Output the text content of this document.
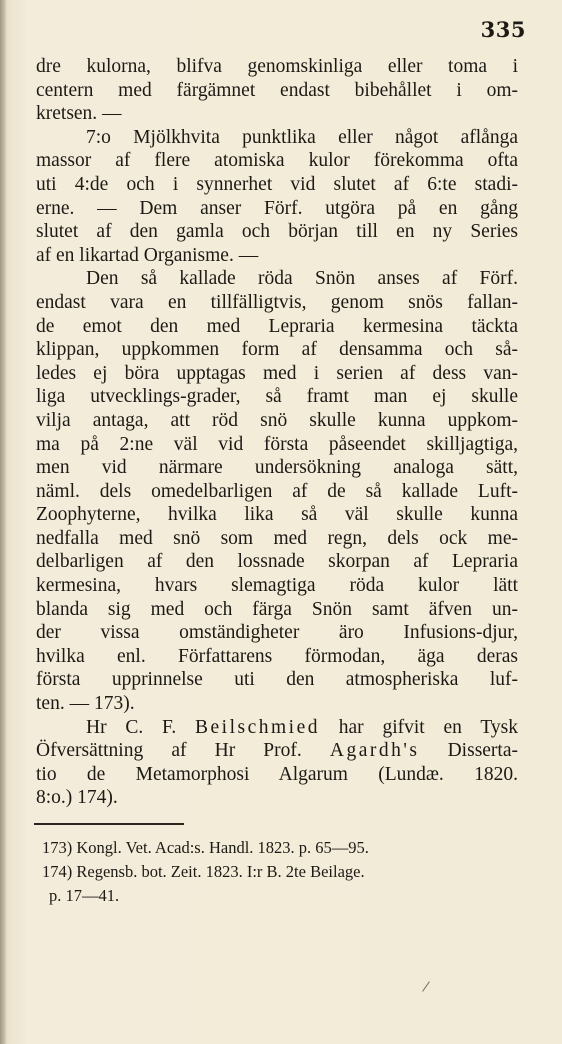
335
dre kulorna, blifva genomskinliga eller toma i
centern med färgämnet endast bibehållet i om-
kretsen. —
7:o Mjölkhvita punktlika eller något aflånga
massor af flere atomiska kulor förekomma ofta
uti 4:de och i synnerhet vid slutet af 6:te stadi-
erne. — Dem anser Förf. utgöra på en gång
slutet af den gamla och början till en ny Series
af en likartad Organisme. —
Den så kallade röda Snön anses af Förf.
endast vara en tillfälligtvis, genom snös fallan-
de emot den med Lepraria kermesina täckta
klippan, uppkommen form af densamma och så-
ledes ej böra upptagas med i serien af dess van-
liga utvecklings-grader, så framt man ej skulle
vilja antaga, att röd snö skulle kunna uppkom-
ma på 2:ne väl vid första påseendet skilljagtiga,
men vid närmare undersökning analoga sätt,
näml. dels omedelbarligen af de så kallade Luft-
Zoophyterne, hvilka lika så väl skulle kunna
nedfalla med snö som med regn, dels ock me-
delbarligen af den lossnade skorpan af Lepraria
kermesina, hvars slemagtiga röda kulor lätt
blanda sig med och färga Snön samt äfven un-
der vissa omständigheter äro Infusions-djur,
hvilka enl. Författarens förmodan, äga deras
första upprinnelse uti den atmospheriska luf-
ten. — 173).
Hr C. F. Beilschmied har gifvit en Tysk
Öfversättning af Hr Prof. Agardh's Disserta-
tio de Metamorphosi Algarum (Lundæ. 1820.
8:o.) 174).
173) Kongl. Vet. Acad:s. Handl. 1823. p. 65—95.
174) Regensb. bot. Zeit. 1823. I:r B. 2te Beilage.
p. 17—41.
